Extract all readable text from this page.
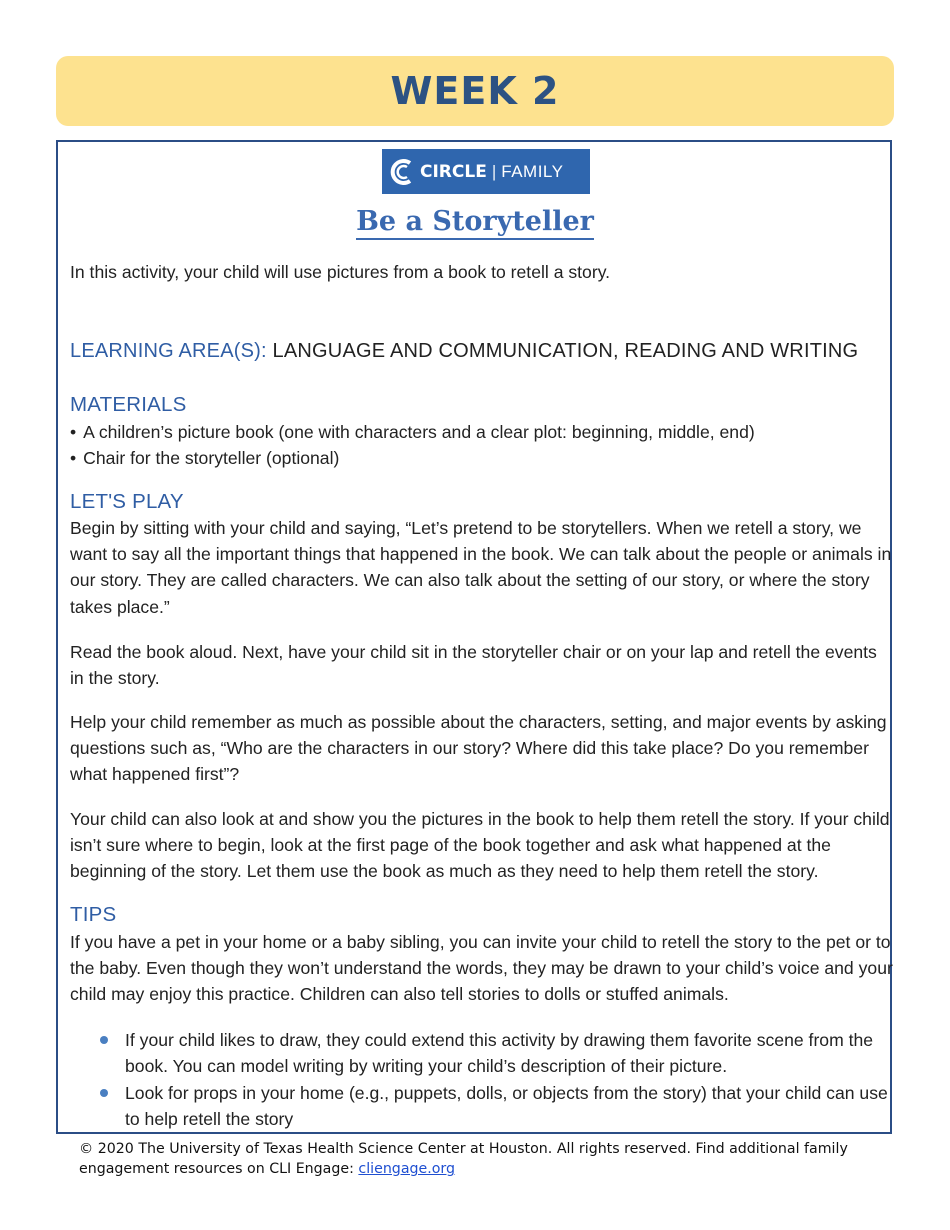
WEEK 2
CIRCLE | FAMILY
Be a Storyteller

In this activity, your child will use pictures from a book to retell a story.

LEARNING AREA(S): LANGUAGE AND COMMUNICATION, READING AND WRITING
MATERIALS
• A children’s picture book (one with characters and a clear plot: beginning, middle, end)
• Chair for the storyteller (optional)
LET'S PLAY

Begin by sitting with your child and saying, “Let’s pretend to be storytellers. When we retell a story, we want to say all the important things that happened in the book. We can talk about the people or animals in our story. They are called characters. We can also talk about the setting of our story, or where the story takes place.”

Read the book aloud. Next, have your child sit in the storyteller chair or on your lap and retell the events in the story.

Help your child remember as much as possible about the characters, setting, and major events by asking questions such as, “Who are the characters in our story? Where did this take place? Do you remember what happened first”?

Your child can also look at and show you the pictures in the book to help them retell the story. If your child isn’t sure where to begin, look at the first page of the book together and ask what happened at the beginning of the story. Let them use the book as much as they need to help them retell the story.

TIPS

If you have a pet in your home or a baby sibling, you can invite your child to retell the story to the pet or to the baby. Even though they won’t understand the words, they may be drawn to your child’s voice and your child may enjoy this practice. Children can also tell stories to dolls or stuffed animals.

If your child likes to draw, they could extend this activity by drawing them favorite scene from the book. You can model writing by writing your child’s description of their picture.
Look for props in your home (e.g., puppets, dolls, or objects from the story) that your child can use to help retell the story
© 2020 The University of Texas Health Science Center at Houston. All rights reserved. Find additional family engagement resources on CLI Engage: cliengage.org
